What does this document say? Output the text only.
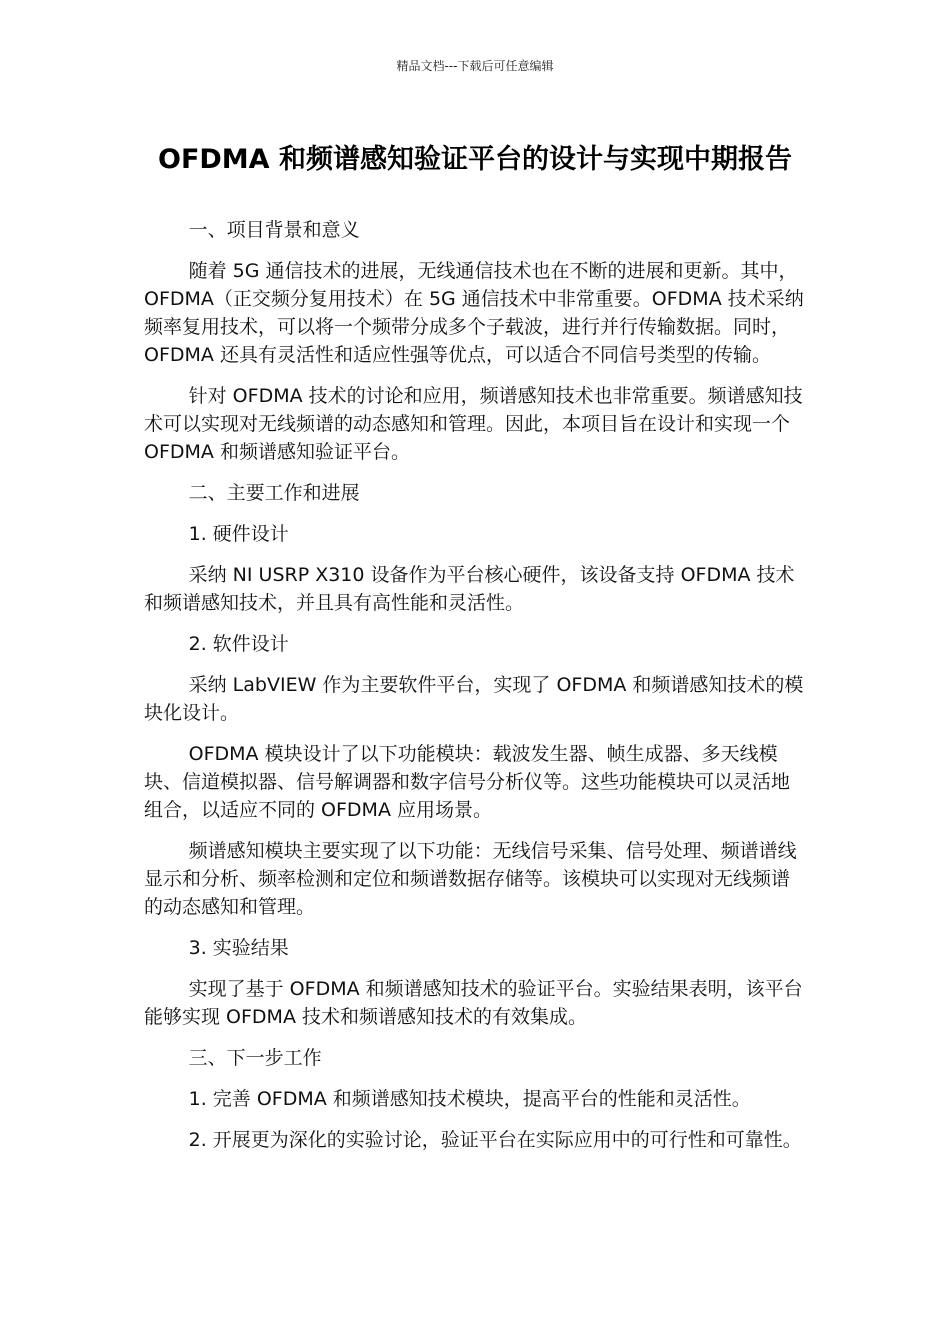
精品文档---下载后可任意编辑
OFDMA 和频谱感知验证平台的设计与实现中期报告

一、项目背景和意义

随着 5G 通信技术的进展，无线通信技术也在不断的进展和更新。其中，OFDMA（正交频分复用技术）在 5G 通信技术中非常重要。OFDMA 技术采纳频率复用技术，可以将一个频带分成多个子载波，进行并行传输数据。同时，OFDMA 还具有灵活性和适应性强等优点，可以适合不同信号类型的传输。

针对 OFDMA 技术的讨论和应用，频谱感知技术也非常重要。频谱感知技术可以实现对无线频谱的动态感知和管理。因此，本项目旨在设计和实现一个 OFDMA 和频谱感知验证平台。

二、主要工作和进展

1. 硬件设计

采纳 NI USRP X310 设备作为平台核心硬件，该设备支持 OFDMA 技术和频谱感知技术，并且具有高性能和灵活性。

2. 软件设计

采纳 LabVIEW 作为主要软件平台，实现了 OFDMA 和频谱感知技术的模块化设计。

OFDMA 模块设计了以下功能模块：载波发生器、帧生成器、多天线模块、信道模拟器、信号解调器和数字信号分析仪等。这些功能模块可以灵活地组合，以适应不同的 OFDMA 应用场景。

频谱感知模块主要实现了以下功能：无线信号采集、信号处理、频谱谱线显示和分析、频率检测和定位和频谱数据存储等。该模块可以实现对无线频谱的动态感知和管理。

3. 实验结果

实现了基于 OFDMA 和频谱感知技术的验证平台。实验结果表明，该平台能够实现 OFDMA 技术和频谱感知技术的有效集成。

三、下一步工作

1. 完善 OFDMA 和频谱感知技术模块，提高平台的性能和灵活性。

2. 开展更为深化的实验讨论，验证平台在实际应用中的可行性和可靠性。
